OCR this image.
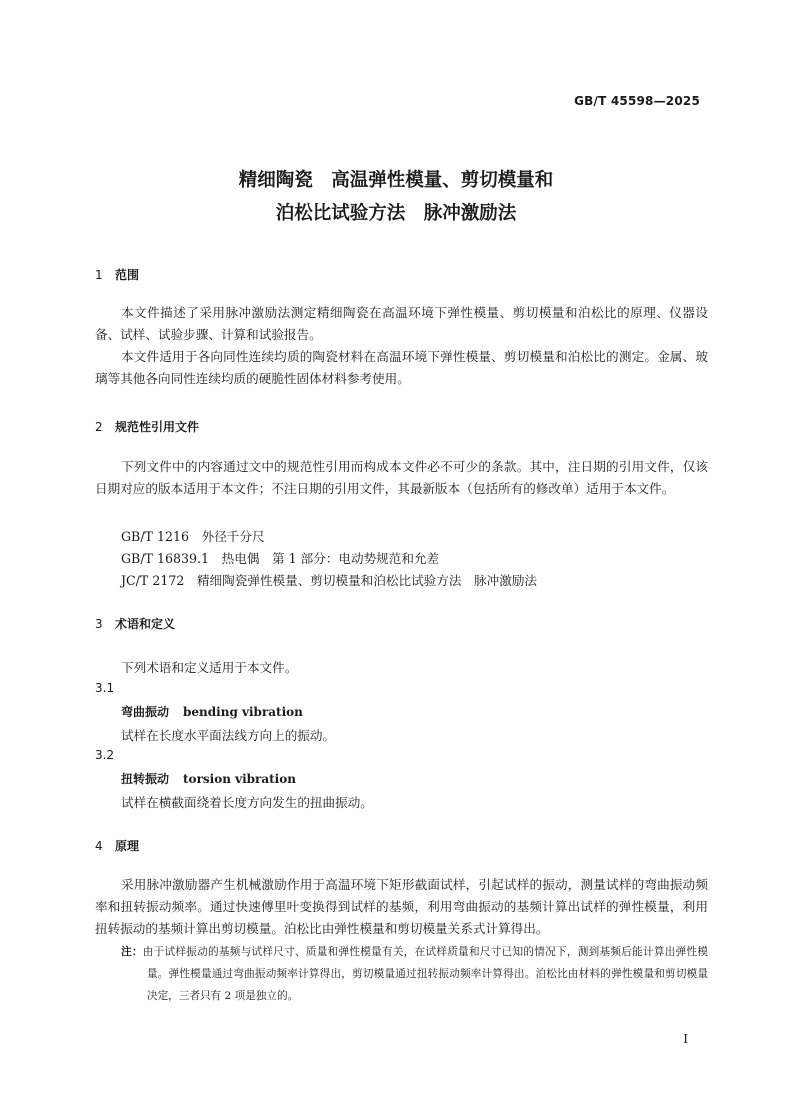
GB/T 45598—2025
精细陶瓷　高温弹性模量、剪切模量和
泊松比试验方法　脉冲激励法
1 范围
本文件描述了采用脉冲激励法测定精细陶瓷在高温环境下弹性模量、剪切模量和泊松比的原理、仪器设备、试样、试验步骤、计算和试验报告。
本文件适用于各向同性连续均质的陶瓷材料在高温环境下弹性模量、剪切模量和泊松比的测定。金属、玻璃等其他各向同性连续均质的硬脆性固体材料参考使用。
2 规范性引用文件
下列文件中的内容通过文中的规范性引用而构成本文件必不可少的条款。其中，注日期的引用文件，仅该日期对应的版本适用于本文件；不注日期的引用文件，其最新版本（包括所有的修改单）适用于本文件。
GB/T 1216　外径千分尺
GB/T 16839.1　热电偶　第 1 部分：电动势规范和允差
JC/T 2172　精细陶瓷弹性模量、剪切模量和泊松比试验方法　脉冲激励法
3 术语和定义
下列术语和定义适用于本文件。
3.1
弯曲振动 bending vibration
试样在长度水平面法线方向上的振动。
3.2
扭转振动 torsion vibration
试样在横截面绕着长度方向发生的扭曲振动。
4 原理
采用脉冲激励器产生机械激励作用于高温环境下矩形截面试样，引起试样的振动，测量试样的弯曲振动频率和扭转振动频率。通过快速傅里叶变换得到试样的基频，利用弯曲振动的基频计算出试样的弹性模量，利用扭转振动的基频计算出剪切模量。泊松比由弹性模量和剪切模量关系式计算得出。
注：由于试样振动的基频与试样尺寸、质量和弹性模量有关，在试样质量和尺寸已知的情况下，测到基频后能计算出弹性模量。弹性模量通过弯曲振动频率计算得出，剪切模量通过扭转振动频率计算得出。泊松比由材料的弹性模量和剪切模量决定，三者只有 2 项是独立的。
I
